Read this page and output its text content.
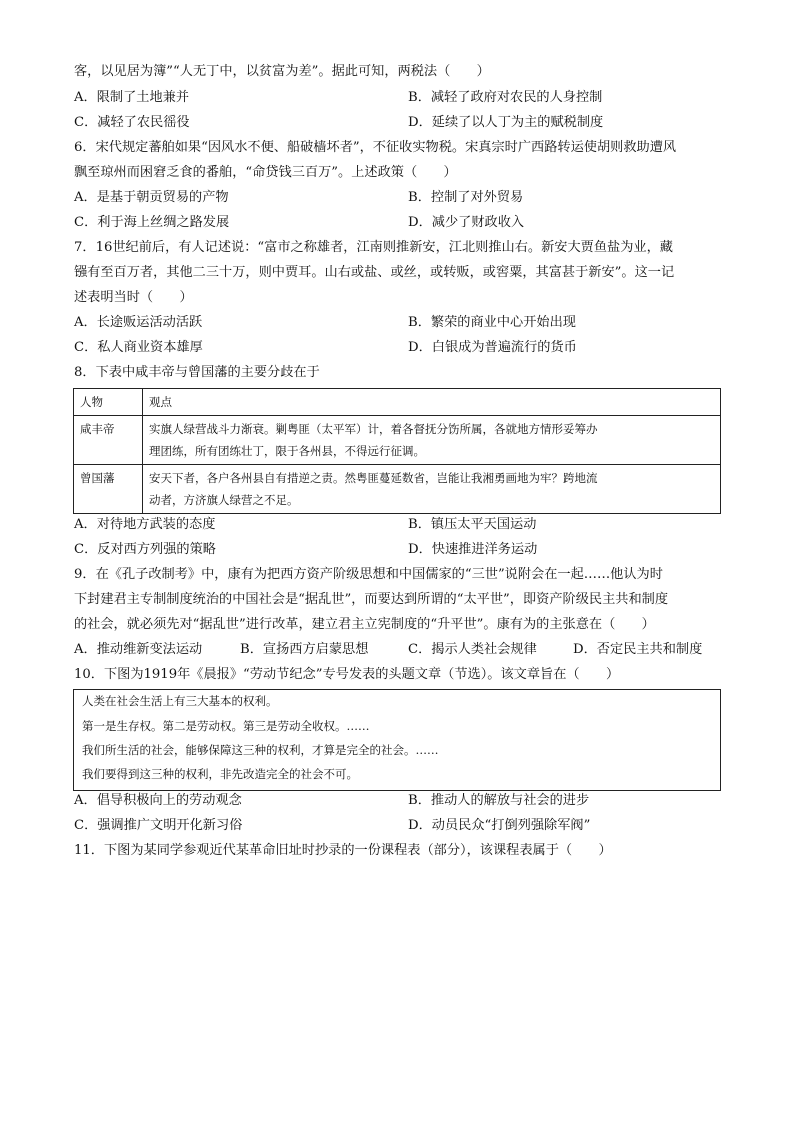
客，以见居为簿”“人无丁中，以贫富为差”。据此可知，两税法（　　）
A．限制了土地兼并	B．减轻了政府对农民的人身控制
C．减轻了农民徭役	D．延续了以人丁为主的赋税制度
6．宋代规定蕃舶如果“因风水不便、船破樯坏者”，不征收实物税。宋真宗时广西路转运使胡则救助遭风
飘至琼州而困窘乏食的番舶，“命贷钱三百万”。上述政策（　　）
A．是基于朝贡贸易的产物	B．控制了对外贸易
C．利于海上丝绸之路发展	D．减少了财政收入
7．16世纪前后，有人记述说：“富市之称雄者，江南则推新安，江北则推山右。新安大贾鱼盐为业，藏
镪有至百万者，其他二三十万，则中贾耳。山右或盐、或丝，或转贩，或窖粟，其富甚于新安”。这一记
述表明当时（　　）
A．长途贩运活动活跃	B．繁荣的商业中心开始出现
C．私人商业资本雄厚	D．白银成为普遍流行的货币
8．下表中咸丰帝与曾国藩的主要分歧在于
人物	观点
咸丰帝	实旗人绿营战斗力渐衰。剿粤匪（太平军）计，着各督抚分饬所属，各就地方情形妥筹办
理团练，所有团练壮丁，限于各州县，不得远行征调。

曾国藩	安天下者，各户各州县自有措逆之责。然粤匪蔓延数省，岂能让我湘勇画地为牢？跨地流
动者，方济旗人绿营之不足。
A．对待地方武装的态度	B．镇压太平天国运动
C．反对西方列强的策略	D．快速推进洋务运动
9．在《孔子改制考》中，康有为把西方资产阶级思想和中国儒家的“三世”说附会在一起……他认为时
下封建君主专制制度统治的中国社会是“据乱世”，而要达到所谓的“太平世”，即资产阶级民主共和制度
的社会，就必须先对“据乱世”进行改革，建立君主立宪制度的“升平世”。康有为的主张意在（　　）
A．推动维新变法运动	B．宣扬西方启蒙思想	C．揭示人类社会规律	D．否定民主共和制度
10．下图为1919年《晨报》“劳动节纪念”专号发表的头题文章（节选）。该文章旨在（　　）
人类在社会生活上有三大基本的权利。
第一是生存权。第二是劳动权。第三是劳动全收权。……
我们所生活的社会，能够保障这三种的权利，才算是完全的社会。……
我们要得到这三种的权利，非先改造完全的社会不可。
A．倡导积极向上的劳动观念	B．推动人的解放与社会的进步
C．强调推广文明开化新习俗	D．动员民众“打倒列强除军阀”
11．下图为某同学参观近代某革命旧址时抄录的一份课程表（部分），该课程表属于（　　）
